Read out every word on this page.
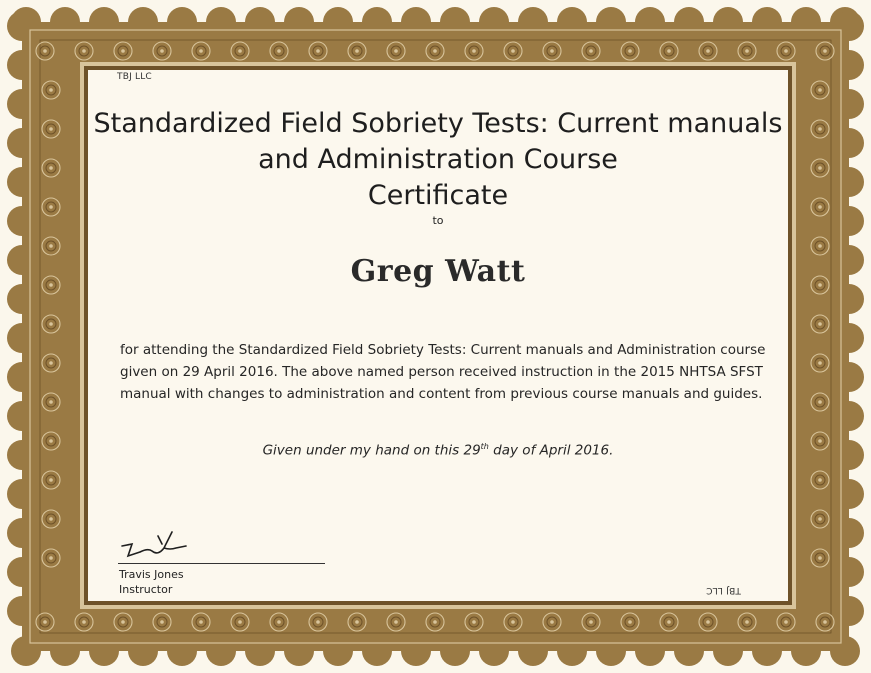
TBJ LLC
Standardized Field Sobriety Tests: Current manuals
and Administration Course
Certificate
to
Greg Watt
for attending the Standardized Field Sobriety Tests: Current manuals and Administration course given on 29 April 2016. The above named person received instruction in the 2015 NHTSA SFST manual with changes to administration and content from previous course manuals and guides.
Given under my hand on this 29th day of April 2016.
Travis Jones
Instructor	TBJ LLC
